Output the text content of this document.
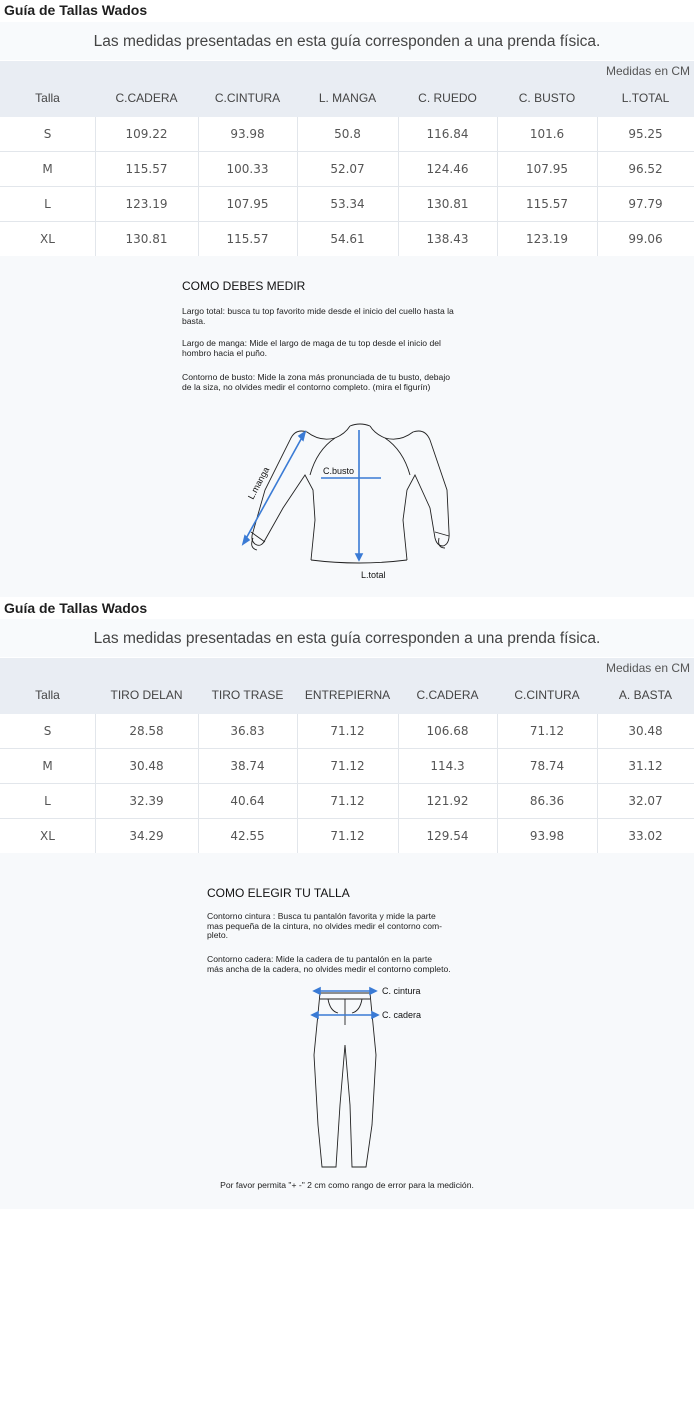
Guía de Tallas Wados
Las medidas presentadas en esta guía corresponden a una prenda física.
Medidas en CM
Talla	C.CADERA	C.CINTURA	L. MANGA	C. RUEDO	C. BUSTO	L.TOTAL
S	109.22	93.98	50.8	116.84	101.6	95.25
M	115.57	100.33	52.07	124.46	107.95	96.52
L	123.19	107.95	53.34	130.81	115.57	97.79
XL	130.81	115.57	54.61	138.43	123.19	99.06
COMO DEBES MEDIR
Largo total: busca tu top favorito mide desde el inicio del cuello hasta la
basta.
Largo de manga: Mide el largo de maga de tu top desde el inicio del
hombro hacia el puño.
Contorno de busto: Mide la zona más pronunciada de tu busto, debajo
de la siza, no olvides medir el contorno completo. (mira el figurín)
L.manga	C.busto
L.total
Guía de Tallas Wados
Las medidas presentadas en esta guía corresponden a una prenda física.
Medidas en CM
Talla	TIRO DELAN	TIRO TRASE	ENTREPIERNA	C.CADERA	C.CINTURA	A. BASTA
S	28.58	36.83	71.12	106.68	71.12	30.48
M	30.48	38.74	71.12	114.3	78.74	31.12
L	32.39	40.64	71.12	121.92	86.36	32.07
XL	34.29	42.55	71.12	129.54	93.98	33.02
COMO ELEGIR TU TALLA
Contorno cintura : Busca tu pantalón favorita y mide la parte
mas pequeña de la cintura, no olvides medir el contorno com-
pleto.
Contorno cadera: Mide la cadera de tu pantalón en la parte
más ancha de la cadera, no olvides medir el contorno completo.
C. cintura
C. cadera
Por favor permita "+ -" 2 cm como rango de error para la medición.
